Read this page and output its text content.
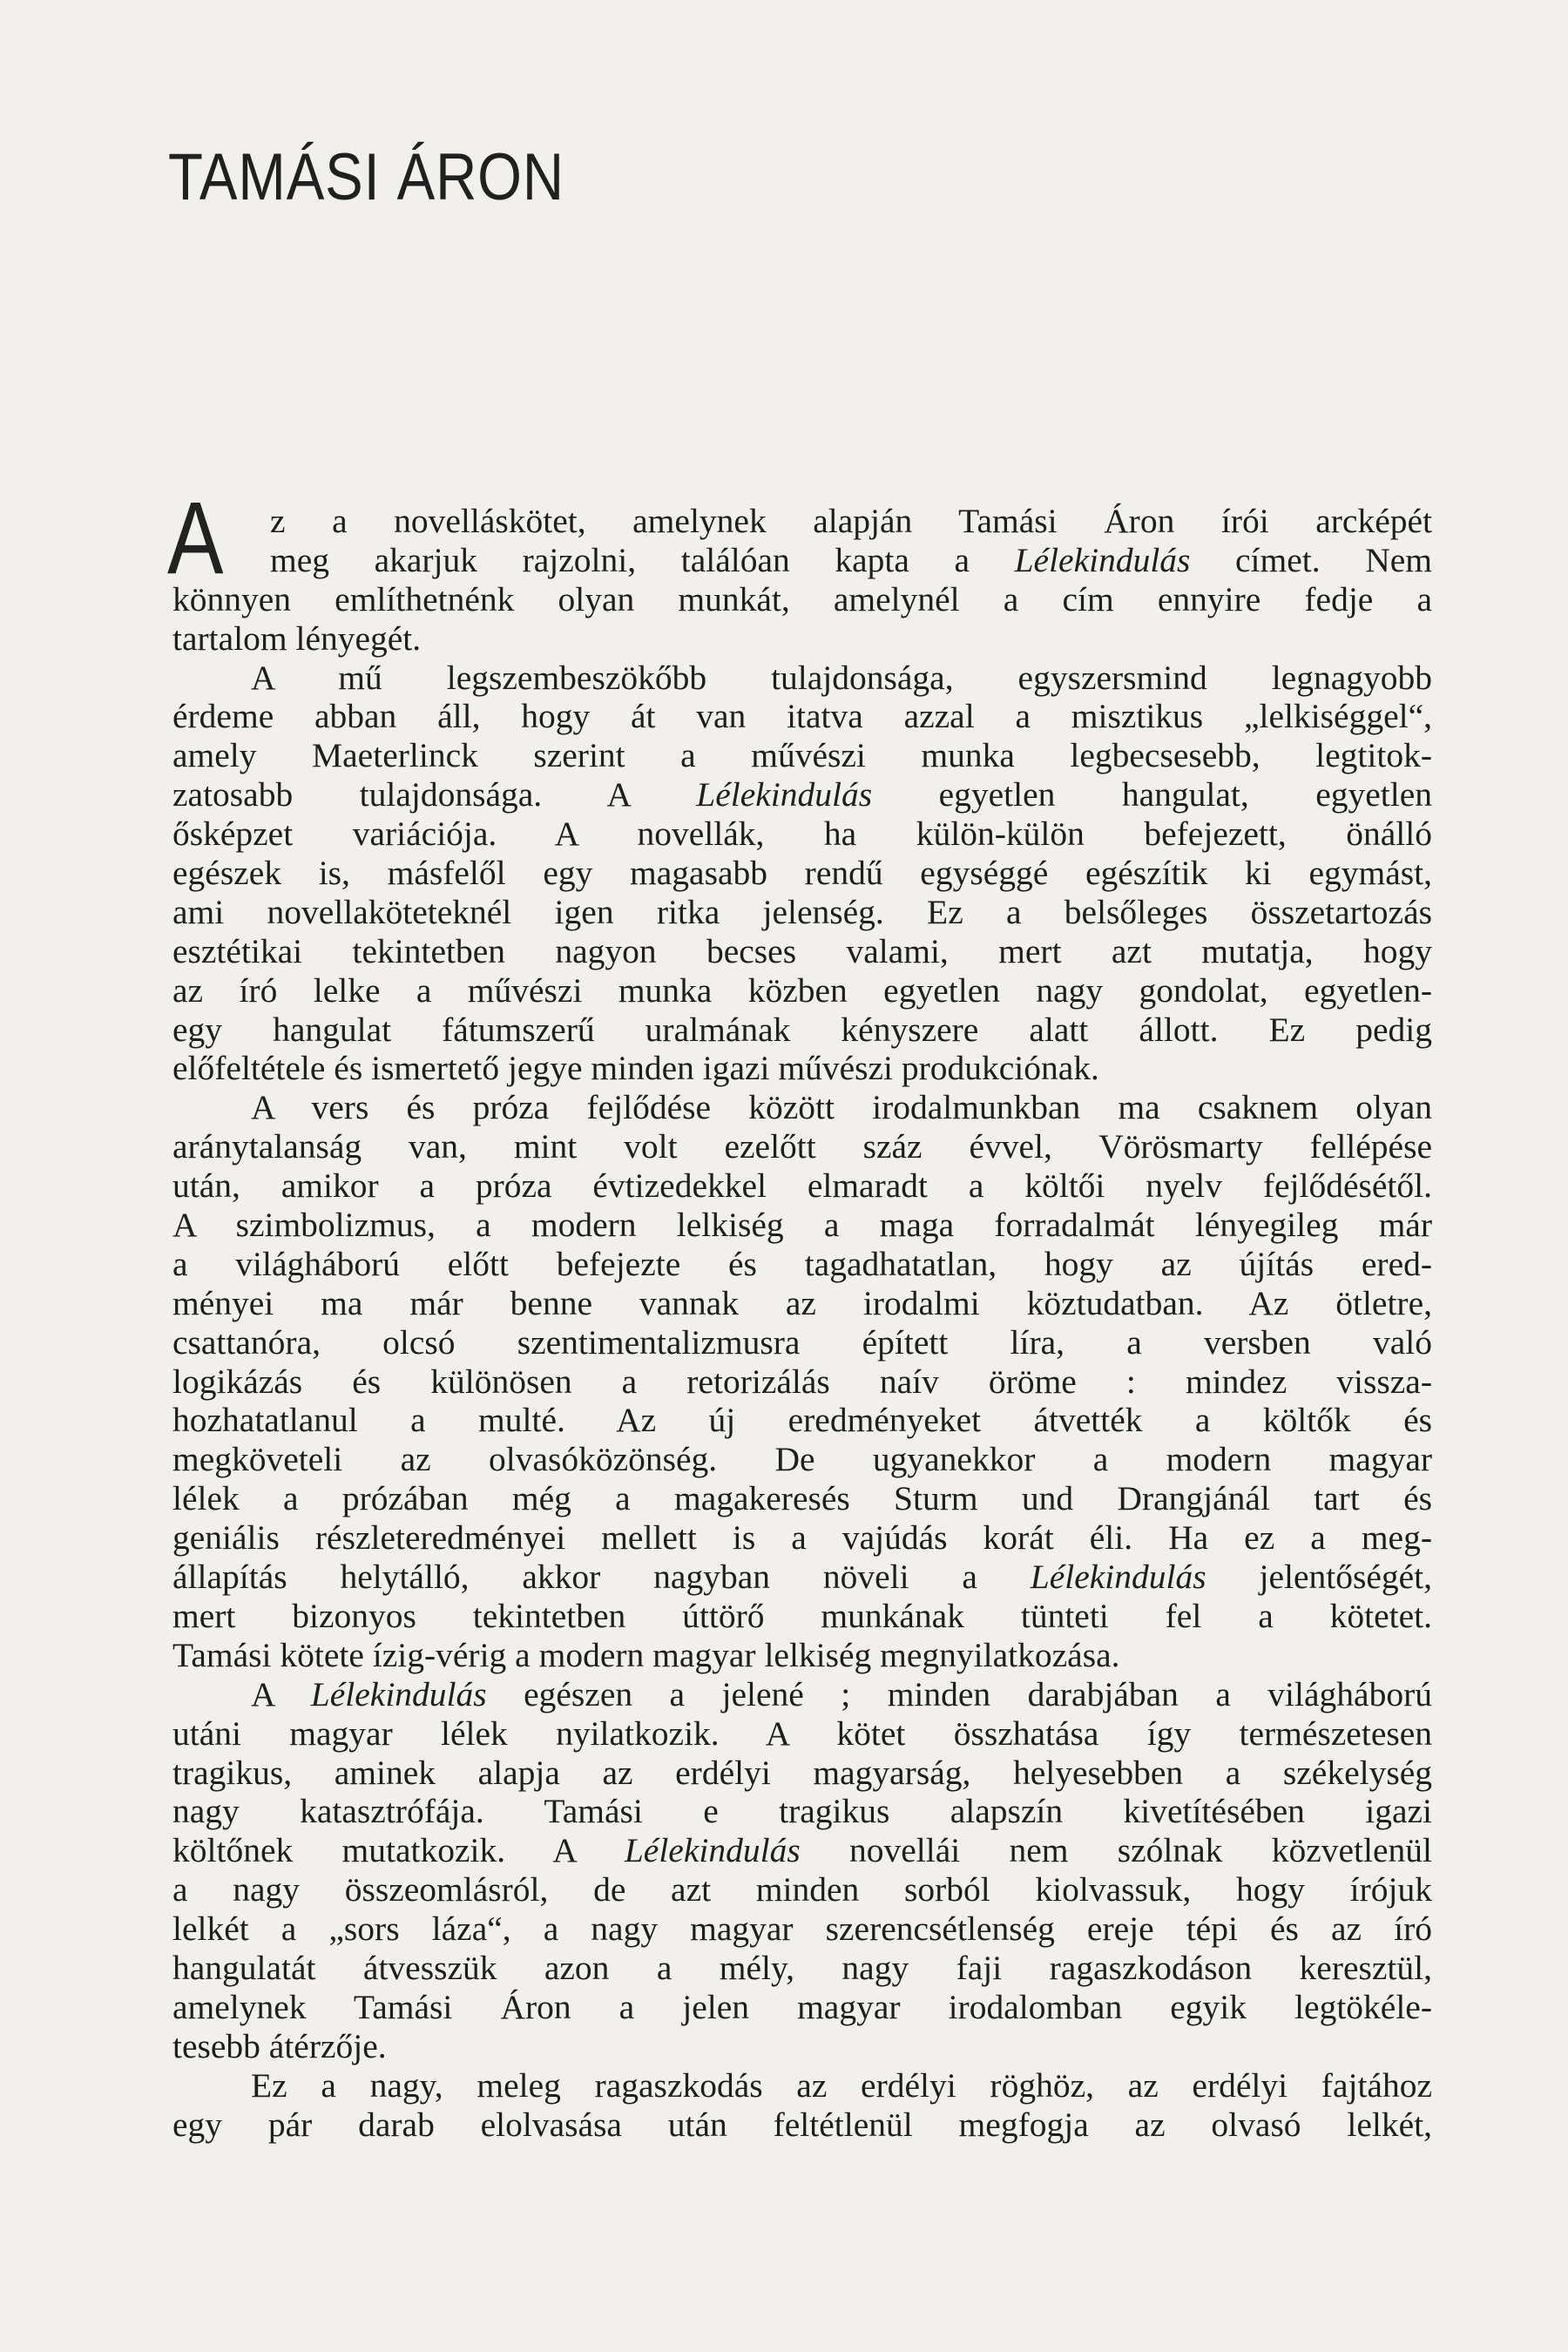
TAMÁSI ÁRON
A	z a novelláskötet, amelynek alapján Tamási Áron írói arcképét
meg akarjuk rajzolni, találóan kapta a Lélekindulás címet. Nem
könnyen említhetnénk olyan munkát, amelynél a cím ennyire fedje a
tartalom lényegét.
A mű legszembeszökőbb tulajdonsága, egyszersmind legnagyobb
érdeme abban áll, hogy át van itatva azzal a misztikus „lelkiséggel“,
amely Maeterlinck szerint a művészi munka legbecsesebb, legtitok-
zatosabb tulajdonsága. A Lélekindulás egyetlen hangulat, egyetlen
ősképzet variációja. A novellák, ha külön-külön befejezett, önálló
egészek is, másfelől egy magasabb rendű egységgé egészítik ki egymást,
ami novellaköteteknél igen ritka jelenség. Ez a belsőleges összetartozás
esztétikai tekintetben nagyon becses valami, mert azt mutatja, hogy
az író lelke a művészi munka közben egyetlen nagy gondolat, egyetlen-
egy hangulat fátumszerű uralmának kényszere alatt állott. Ez pedig
előfeltétele és ismertető jegye minden igazi művészi produkciónak.
A vers és próza fejlődése között irodalmunkban ma csaknem olyan
aránytalanság van, mint volt ezelőtt száz évvel, Vörösmarty fellépése
után, amikor a próza évtizedekkel elmaradt a költői nyelv fejlődésétől.
A szimbolizmus, a modern lelkiség a maga forradalmát lényegileg már
a világháború előtt befejezte és tagadhatatlan, hogy az újítás ered-
ményei ma már benne vannak az irodalmi köztudatban. Az ötletre,
csattanóra, olcsó szentimentalizmusra épített líra, a versben való
logikázás és különösen a retorizálás naív öröme : mindez vissza-
hozhatatlanul a multé. Az új eredményeket átvették a költők és
megköveteli az olvasóközönség. De ugyanekkor a modern magyar
lélek a prózában még a magakeresés Sturm und Drangjánál tart és
geniális részleteredményei mellett is a vajúdás korát éli. Ha ez a meg-
állapítás helytálló, akkor nagyban növeli a Lélekindulás jelentőségét,
mert bizonyos tekintetben úttörő munkának tünteti fel a kötetet.
Tamási kötete ízig-vérig a modern magyar lelkiség megnyilatkozása.
A Lélekindulás egészen a jelené ; minden darabjában a világháború
utáni magyar lélek nyilatkozik. A kötet összhatása így természetesen
tragikus, aminek alapja az erdélyi magyarság, helyesebben a székelység
nagy katasztrófája. Tamási e tragikus alapszín kivetítésében igazi
költőnek mutatkozik. A Lélekindulás novellái nem szólnak közvetlenül
a nagy összeomlásról, de azt minden sorból kiolvassuk, hogy írójuk
lelkét a „sors láza“, a nagy magyar szerencsétlenség ereje tépi és az író
hangulatát átvesszük azon a mély, nagy faji ragaszkodáson keresztül,
amelynek Tamási Áron a jelen magyar irodalomban egyik legtökéle-
tesebb átérzője.
Ez a nagy, meleg ragaszkodás az erdélyi röghöz, az erdélyi fajtához
egy pár darab elolvasása után feltétlenül megfogja az olvasó lelkét,
